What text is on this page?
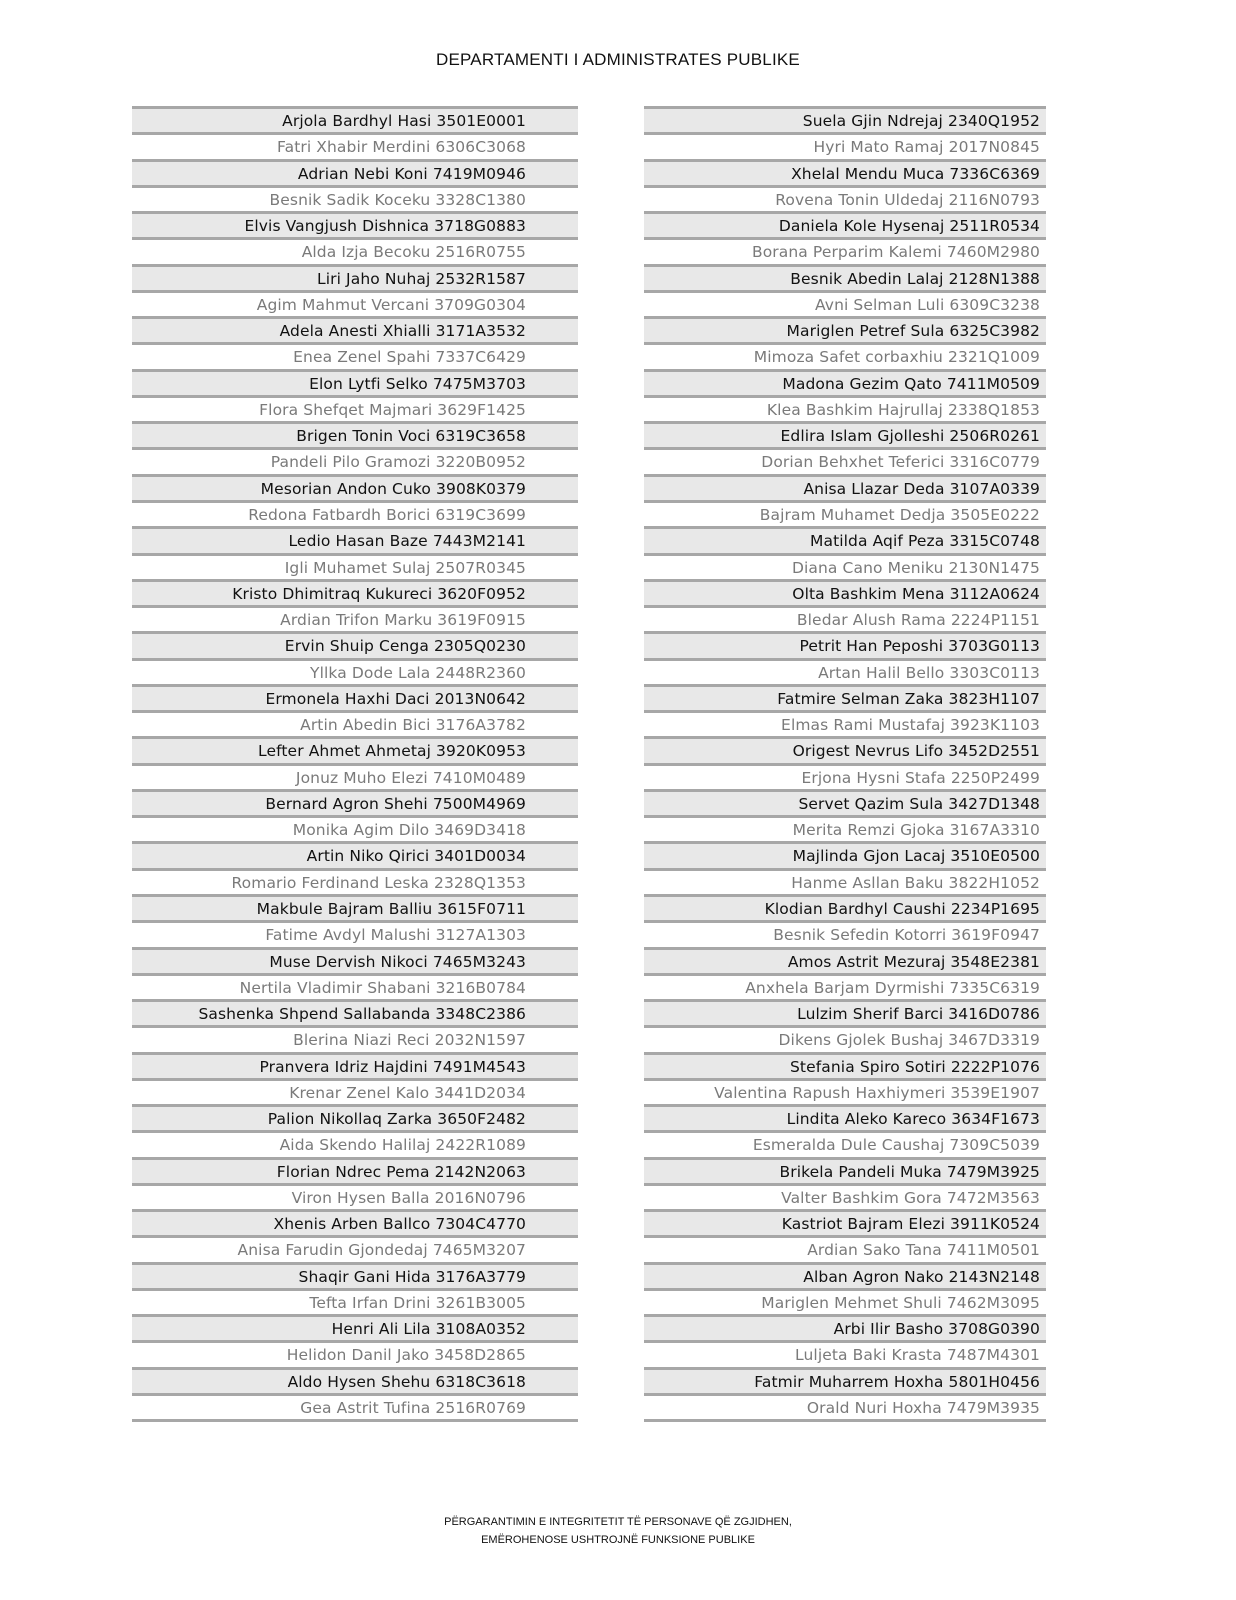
DEPARTAMENTI I ADMINISTRATES PUBLIKE
Arjola Bardhyl Hasi 3501E0001
Fatri Xhabir Merdini 6306C3068
Adrian Nebi Koni 7419M0946
Besnik Sadik Koceku 3328C1380
Elvis Vangjush Dishnica 3718G0883
Alda Izja Becoku 2516R0755
Liri Jaho Nuhaj 2532R1587
Agim Mahmut Vercani 3709G0304
Adela Anesti Xhialli 3171A3532
Enea Zenel Spahi 7337C6429
Elon Lytfi Selko 7475M3703
Flora Shefqet Majmari 3629F1425
Brigen Tonin Voci 6319C3658
Pandeli Pilo Gramozi 3220B0952
Mesorian Andon Cuko 3908K0379
Redona Fatbardh Borici 6319C3699
Ledio Hasan Baze 7443M2141
Igli Muhamet Sulaj 2507R0345
Kristo Dhimitraq Kukureci 3620F0952
Ardian Trifon Marku 3619F0915
Ervin Shuip Cenga 2305Q0230
Yllka Dode Lala 2448R2360
Ermonela Haxhi Daci 2013N0642
Artin Abedin Bici 3176A3782
Lefter Ahmet Ahmetaj 3920K0953
Jonuz Muho Elezi 7410M0489
Bernard Agron Shehi 7500M4969
Monika Agim Dilo 3469D3418
Artin Niko Qirici 3401D0034
Romario Ferdinand Leska 2328Q1353
Makbule Bajram Balliu 3615F0711
Fatime Avdyl Malushi 3127A1303
Muse Dervish Nikoci 7465M3243
Nertila Vladimir Shabani 3216B0784
Sashenka Shpend Sallabanda 3348C2386
Blerina Niazi Reci 2032N1597
Pranvera Idriz Hajdini 7491M4543
Krenar Zenel Kalo 3441D2034
Palion Nikollaq Zarka 3650F2482
Aida Skendo Halilaj 2422R1089
Florian Ndrec Pema 2142N2063
Viron Hysen Balla 2016N0796
Xhenis Arben Ballco 7304C4770
Anisa Farudin Gjondedaj 7465M3207
Shaqir Gani Hida 3176A3779
Tefta Irfan Drini 3261B3005
Henri Ali Lila 3108A0352
Helidon Danil Jako 3458D2865
Aldo Hysen Shehu 6318C3618
Gea Astrit Tufina 2516R0769
Suela Gjin Ndrejaj 2340Q1952
Hyri Mato Ramaj 2017N0845
Xhelal Mendu Muca 7336C6369
Rovena Tonin Uldedaj 2116N0793
Daniela Kole Hysenaj 2511R0534
Borana Perparim Kalemi 7460M2980
Besnik Abedin Lalaj 2128N1388
Avni Selman Luli 6309C3238
Mariglen Petref Sula 6325C3982
Mimoza Safet corbaxhiu 2321Q1009
Madona Gezim Qato 7411M0509
Klea Bashkim Hajrullaj 2338Q1853
Edlira Islam Gjolleshi 2506R0261
Dorian Behxhet Teferici 3316C0779
Anisa Llazar Deda 3107A0339
Bajram Muhamet Dedja 3505E0222
Matilda Aqif Peza 3315C0748
Diana Cano Meniku 2130N1475
Olta Bashkim Mena 3112A0624
Bledar Alush Rama 2224P1151
Petrit Han Peposhi 3703G0113
Artan Halil Bello 3303C0113
Fatmire Selman Zaka 3823H1107
Elmas Rami Mustafaj 3923K1103
Origest Nevrus Lifo 3452D2551
Erjona Hysni Stafa 2250P2499
Servet Qazim Sula 3427D1348
Merita Remzi Gjoka 3167A3310
Majlinda Gjon Lacaj 3510E0500
Hanme Asllan Baku 3822H1052
Klodian Bardhyl Caushi 2234P1695
Besnik Sefedin Kotorri 3619F0947
Amos Astrit Mezuraj 3548E2381
Anxhela Barjam Dyrmishi 7335C6319
Lulzim Sherif Barci 3416D0786
Dikens Gjolek Bushaj 3467D3319
Stefania Spiro Sotiri 2222P1076
Valentina Rapush Haxhiymeri 3539E1907
Lindita Aleko Kareco 3634F1673
Esmeralda Dule Caushaj 7309C5039
Brikela Pandeli Muka 7479M3925
Valter Bashkim Gora 7472M3563
Kastriot Bajram Elezi 3911K0524
Ardian Sako Tana 7411M0501
Alban Agron Nako 2143N2148
Mariglen Mehmet Shuli 7462M3095
Arbi Ilir Basho 3708G0390
Luljeta Baki Krasta 7487M4301
Fatmir Muharrem Hoxha 5801H0456
Orald Nuri Hoxha 7479M3935
PËRGARANTIMIN E INTEGRITETIT TË PERSONAVE QË ZGJIDHEN,
EMËROHENOSE USHTROJNË FUNKSIONE PUBLIKE
